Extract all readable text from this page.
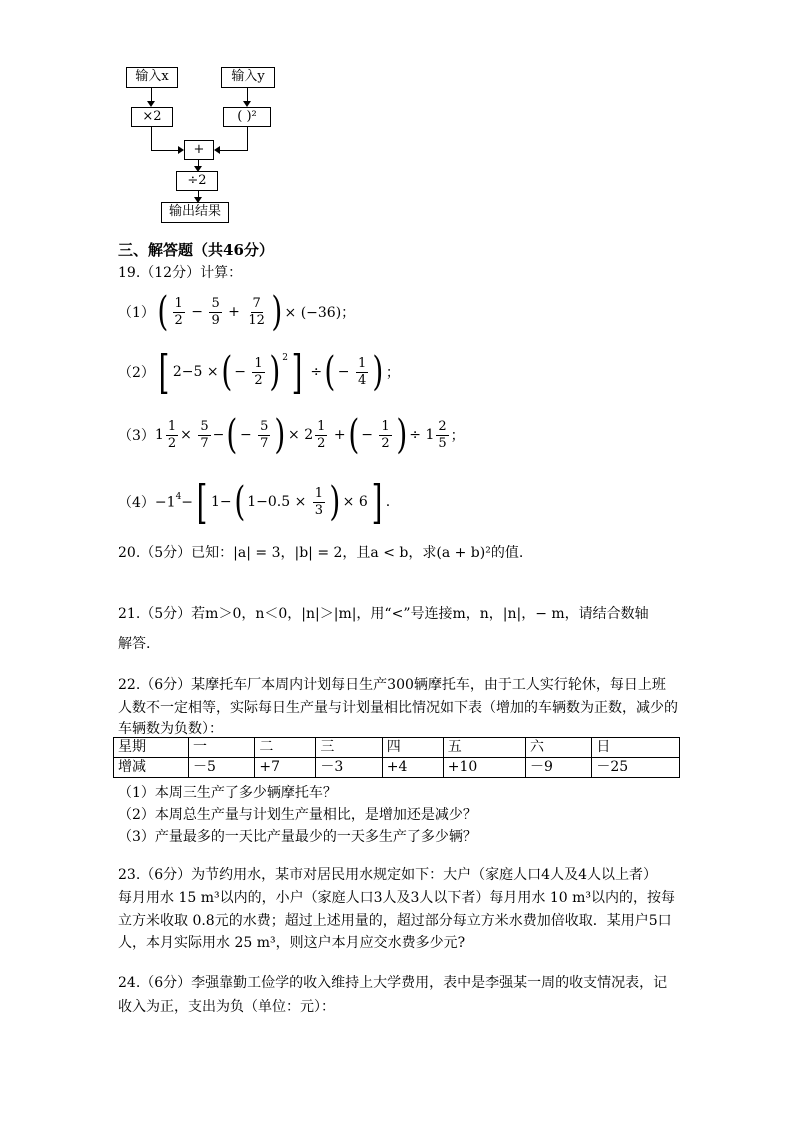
输入x	输入y
×2	( )²
+
÷2
输出结果
三、解答题（共46分）
19.（12分）计算：
（1） ( $\frac{1}{2} - \frac{5}{9} + \frac{7}{12}$ ) × (−36)；
（2） [ 2−5 × ( − $\frac{1}{2}$ ) $^2$ ] ÷ ( − $\frac{1}{4}$ ) ；
（3） $1 \frac{1}{2} \times \frac{5}{7}$ − ( − $\frac{5}{7}$ ) × $2 \frac{1}{2}$ + ( − $\frac{1}{2}$ ) ÷ $1 \frac{2}{5}$ ；
$(4) -1^4-$ [ 1− ( $1-0.5 \times \frac{1}{3}$ ) × 6 ] .
20.（5分）已知：|a| = 3，|b| = 2，且a < b，求(a + b)²的值.
21.（5分）若m＞0，n＜0，|n|＞|m|，用“<”号连接m，n，|n|，− m，请结合数轴
解答.
22.（6分）某摩托车厂本周内计划每日生产300辆摩托车，由于工人实行轮休，每日上班
人数不一定相等，实际每日生产量与计划量相比情况如下表（增加的车辆数为正数，减少的
车辆数为负数）：
星期	一	二	三	四	五	六	日
增减	－5	+7	－3	+4	+10	－9	－25
（1）本周三生产了多少辆摩托车？
（2）本周总生产量与计划生产量相比，是增加还是减少？
（3）产量最多的一天比产量最少的一天多生产了多少辆？
23.（6分）为节约用水，某市对居民用水规定如下：大户（家庭人口4人及4人以上者）
每月用水 15 m³以内的，小户（家庭人口3人及3人以下者）每月用水 10 m³以内的，按每
立方米收取 0.8元的水费；超过上述用量的，超过部分每立方米水费加倍收取．某用户5口
人，本月实际用水 25 m³，则这户本月应交水费多少元?
24.（6分）李强靠勤工俭学的收入维持上大学费用，表中是李强某一周的收支情况表，记
收入为正，支出为负（单位：元）：
